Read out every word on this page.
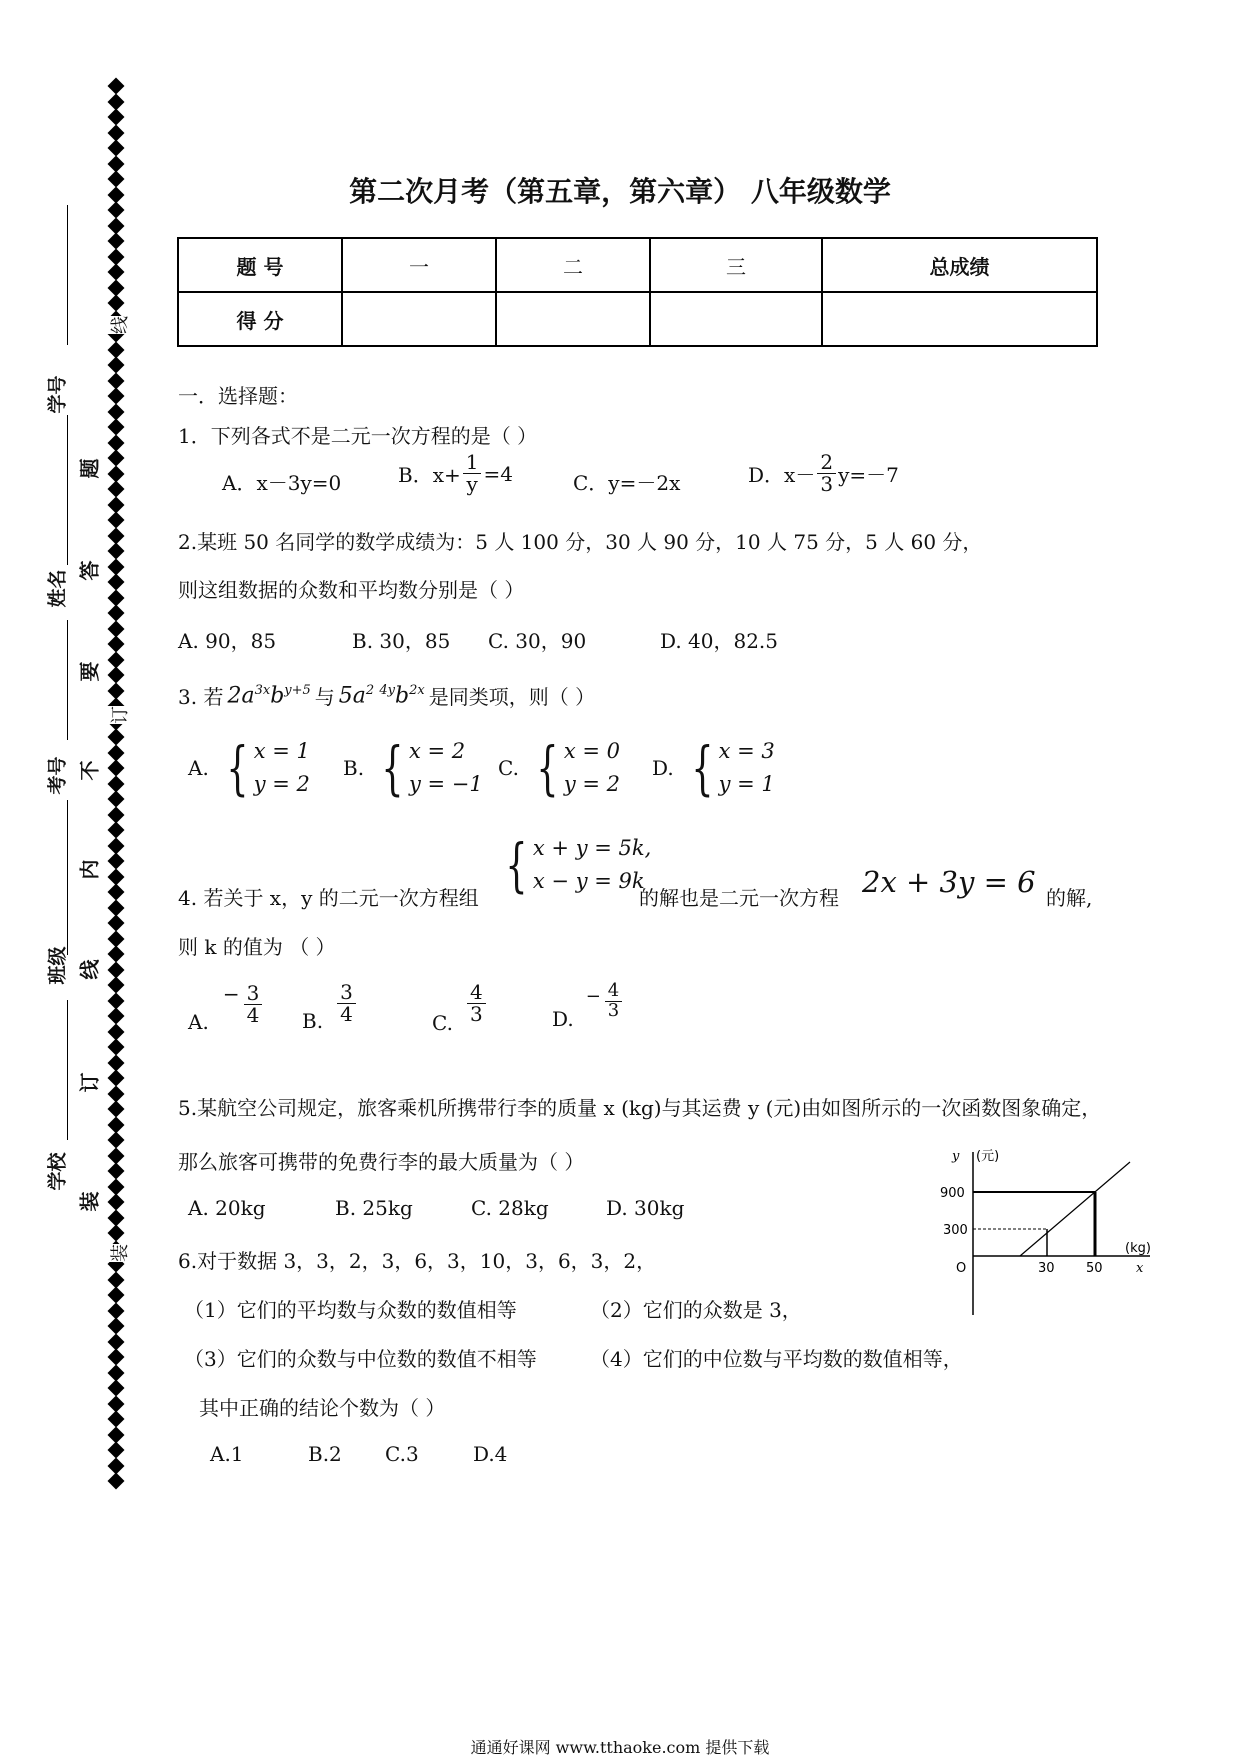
学号
姓名
考号
班级
学校
题
答
要
不
内
线
订
装
线
订
装
第二次月考（第五章，第六章） 八年级数学
题 号	一	二	三	总成绩
得 分				
一．选择题：
1．下列各式不是二元一次方程的是（ ）
A．x－3y=0	B．$x+ \frac{1}{y} =4$	C．y=－2x	D．$x- \frac{2}{3} y=-7$
2.某班 50 名同学的数学成绩为：5 人 100 分，30 人 90 分，10 人 75 分，5 人 60 分，
则这组数据的众数和平均数分别是（ ）
A. 90，85	B. 30，85 C. 30，90	D. 40，82.5
3. 若 $2a^{3x}b^{y+5}$ 与 $5a^{2 4y}b^{2x}$ 是同类项，则（ ）
A. { x = 1
y = 2
B. { x = 2
y = −1
C. { x = 0
y = 2
D. { x = 3
y = 1
4. 若关于 x，y 的二元一次方程组 { x + y = 5k,
x − y = 9k
的解也是二元一次方程 2x + 3y = 6 的解,
则 k 的值为 （ ）
A.
− $\frac{3}{4} B$. $\frac{3}{4}$	C. $\frac{4}{3}$	D.
− $\frac{4}{3}$
5.某航空公司规定，旅客乘机所携带行李的质量 x (kg)与其运费 y (元)由如图所示的一次函数图象确定，
那么旅客可携带的免费行李的最大质量为（ ）
A. 20kg	B. 25kg	C. 28kg	D. 30kg
y (元)
900
300
O	30 50
(kg)
x
6.对于数据 3，3，2，3，6，3，10，3，6，3，2，
（1）它们的平均数与众数的数值相等	（2）它们的众数是 3，
（3）它们的众数与中位数的数值不相等	（4）它们的中位数与平均数的数值相等，
其中正确的结论个数为（ ）
A.1	B.2 C.3	D.4
通通好课网 www.tthaoke.com 提供下载
